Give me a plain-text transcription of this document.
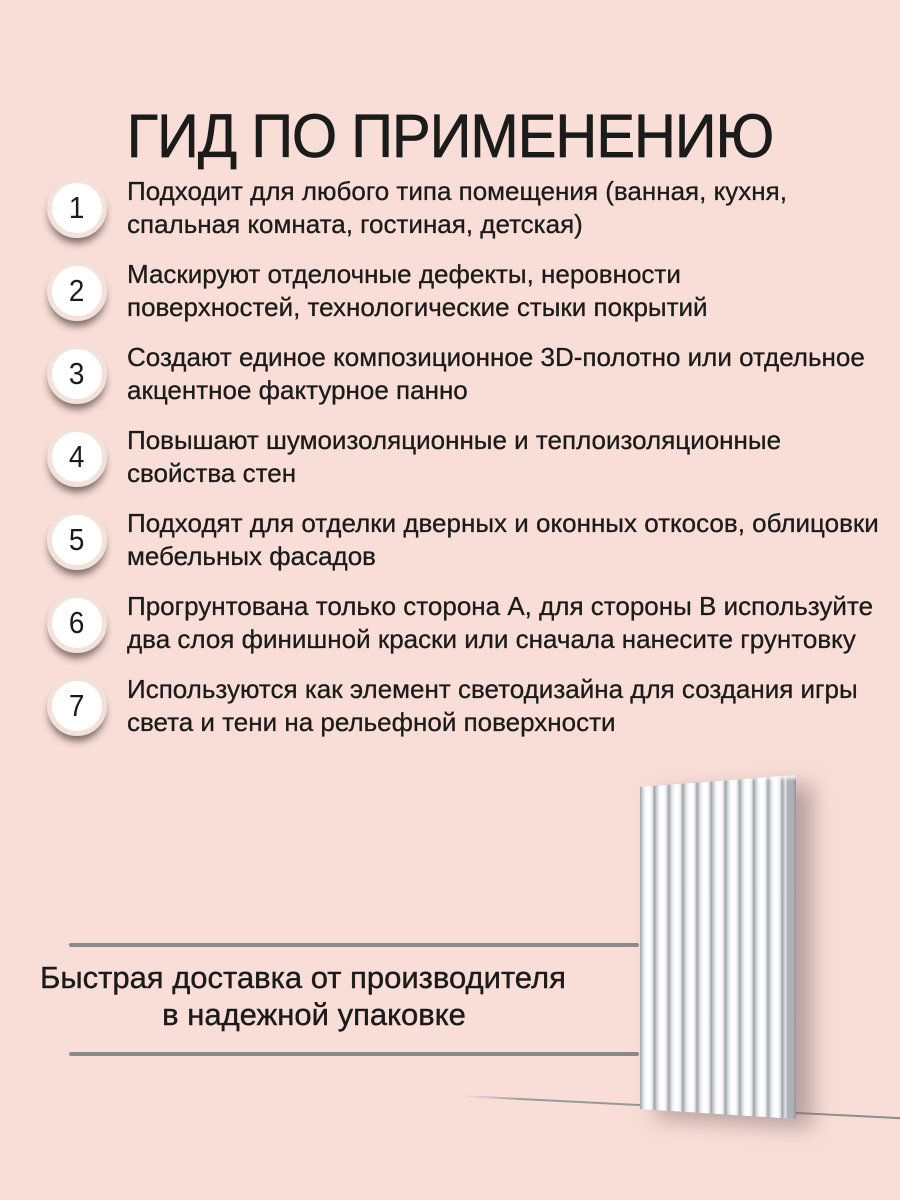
ГИД ПО ПРИМЕНЕНИЮ
1 Подходит для любого типа помещения (ванная, кухня,
спальная комната, гостиная, детская)
2 Маскируют отделочные дефекты, неровности
поверхностей, технологические стыки покрытий
3 Создают единое композиционное 3D-полотно или отдельное
акцентное фактурное панно
4 Повышают шумоизоляционные и теплоизоляционные
свойства стен
5 Подходят для отделки дверных и оконных откосов, облицовки
мебельных фасадов
6 Прогрунтована только сторона А, для стороны В используйте
два слоя финишной краски или сначала нанесите грунтовку
7 Используются как элемент светодизайна для создания игры
света и тени на рельефной поверхности
Быстрая доставка от производителя
в надежной упаковке
